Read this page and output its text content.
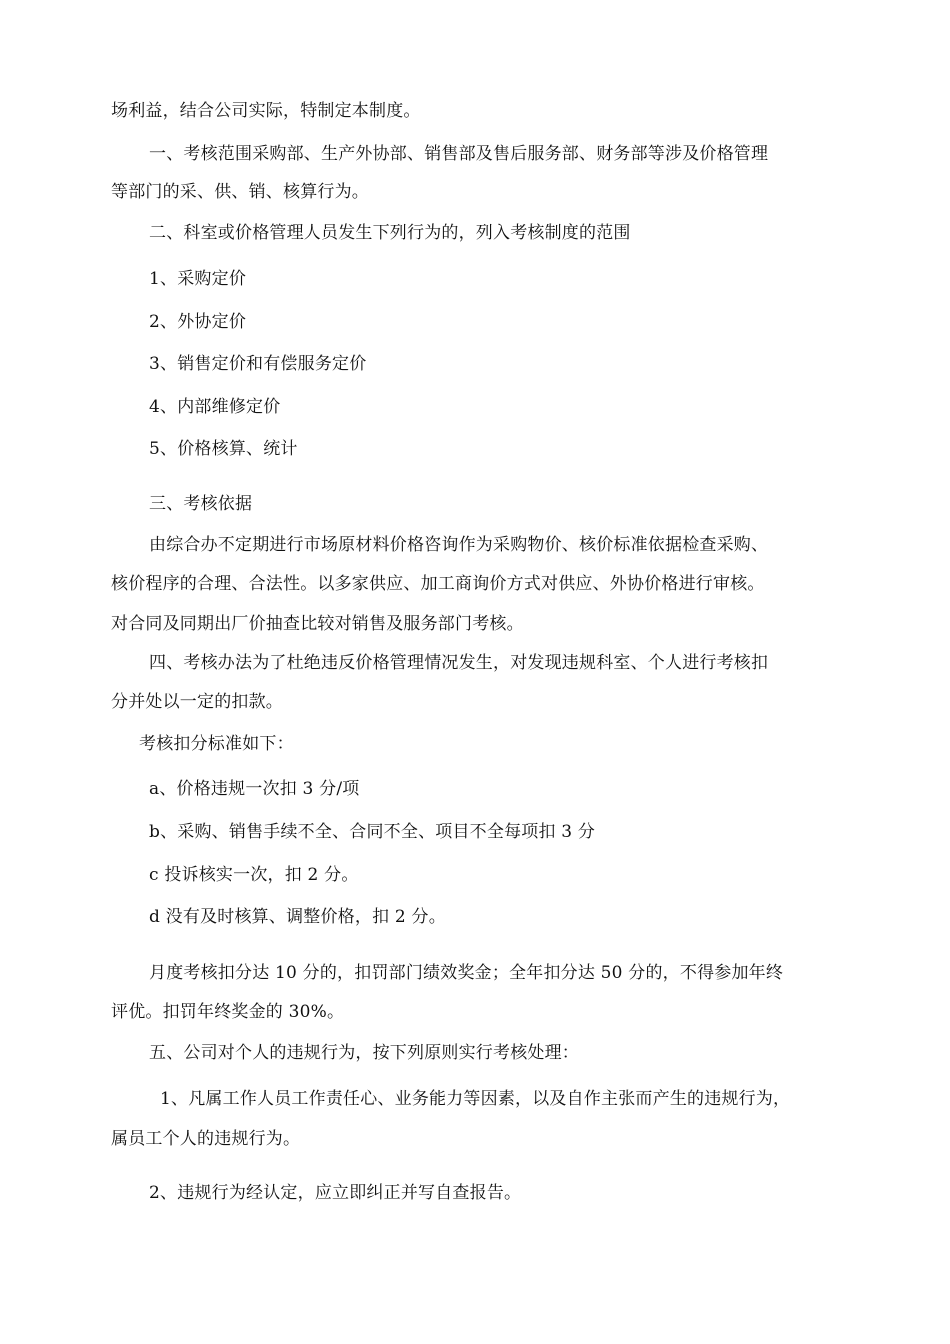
场利益，结合公司实际，特制定本制度。
一、考核范围采购部、生产外协部、销售部及售后服务部、财务部等涉及价格管理
等部门的采、供、销、核算行为。
二、科室或价格管理人员发生下列行为的，列入考核制度的范围
1、采购定价
2、外协定价
3、销售定价和有偿服务定价
4、内部维修定价
5、价格核算、统计
三、考核依据
由综合办不定期进行市场原材料价格咨询作为采购物价、核价标准依据检查采购、
核价程序的合理、合法性。以多家供应、加工商询价方式对供应、外协价格进行审核。
对合同及同期出厂价抽查比较对销售及服务部门考核。
四、考核办法为了杜绝违反价格管理情况发生，对发现违规科室、个人进行考核扣
分并处以一定的扣款。
考核扣分标准如下：
a、价格违规一次扣 3 分/项
b、采购、销售手续不全、合同不全、项目不全每项扣 3 分
c 投诉核实一次，扣 2 分。
d 没有及时核算、调整价格，扣 2 分。
月度考核扣分达 10 分的，扣罚部门绩效奖金；全年扣分达 50 分的，不得参加年终
评优。扣罚年终奖金的 30%。
五、公司对个人的违规行为，按下列原则实行考核处理：
1、凡属工作人员工作责任心、业务能力等因素，以及自作主张而产生的违规行为，
属员工个人的违规行为。
2、违规行为经认定，应立即纠正并写自查报告。
